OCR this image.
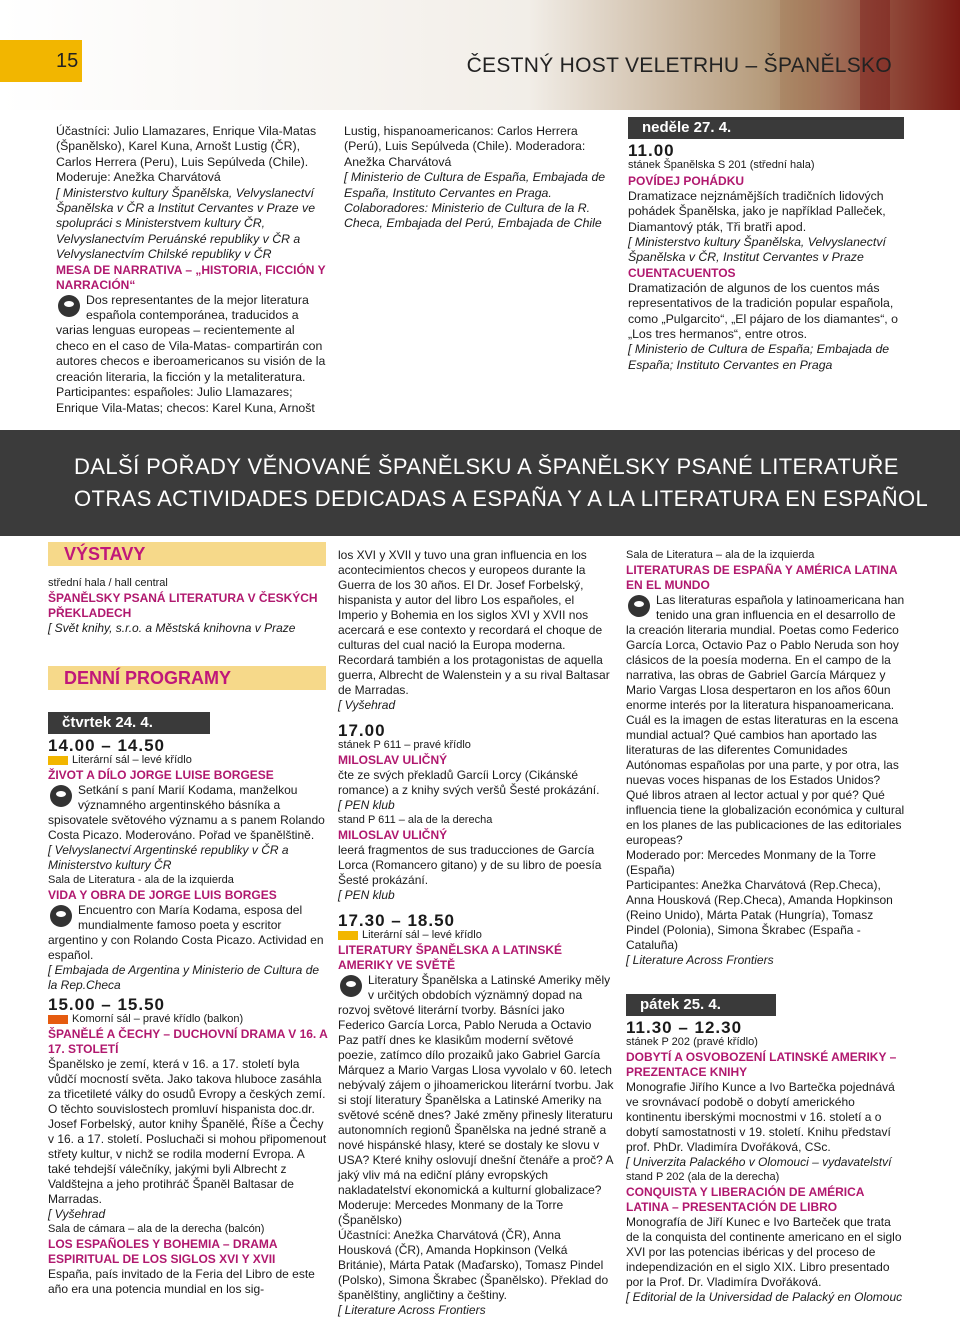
15	ČESTNÝ HOST VELETRHU – ŠPANĚLSKO

Účastníci: Julio Llamazares, Enrique Vila-Matas (Španělsko), Karel Kuna, Arnošt Lustig (ČR), Carlos Herrera (Peru), Luis Sepúlveda (Chile).

Moderuje: Anežka Charvátová

[ Ministerstvo kultury Španělska, Velvyslanectví Španělska v ČR a Institut Cervantes v Praze ve spolupráci s Ministerstvem kultury ČR, Velvyslanectvím Peruánské republiky v ČR a Velvyslanectvím Chilské republiky v ČR

MESA DE NARRATIVA – „HISTORIA, FICCIÓN Y NARRACIÓN“

Dos representantes de la mejor literatura española contemporánea, traducidos a varias lenguas europeas – recientemente al checo en el caso de Vila-Matas- compartirán con autores checos e iberoamericanos su visión de la creación literaria, la ficción y la metaliteratura.

Participantes: españoles: Julio Llamazares; Enrique Vila-Matas; checos: Karel Kuna, Arnošt

Lustig, hispanoamericanos: Carlos Herrera (Perú), Luis Sepúlveda (Chile). Moderadora: Anežka Charvátová

[ Ministerio de Cultura de España, Embajada de España, Instituto Cervantes en Praga. Colaboradores: Ministerio de Cultura de la R. Checa, Embajada del Perú, Embajada de Chile

neděle 27. 4.
11.00

stánek Španělska S 201 (střední hala)

POVÍDEJ POHÁDKU

Dramatizace nejznámějších tradičních lidových pohádek Španělska, jako je například Palleček, Diamantový pták, Tři bratři apod.

[ Ministerstvo kultury Španělska, Velvyslanectví Španělska v ČR, Institut Cervantes v Praze

CUENTACUENTOS

Dramatización de algunos de los cuentos más representativos de la tradición popular española, como „Pulgarcito“, „El pájaro de los diamantes“, o „Los tres hermanos“, entre otros.

[ Ministerio de Cultura de España; Embajada de España; Instituto Cervantes en Praga

DALŠÍ POŘADY VĚNOVANÉ ŠPANĚLSKU A ŠPANĚLSKY PSANÉ LITERATUŘE
OTRAS ACTIVIDADES DEDICADAS A ESPAÑA Y A LA LITERATURA EN ESPAÑOL
VÝSTAVY

střední hala / hall central

ŠPANĚLSKY PSANÁ LITERATURA V ČESKÝCH PŘEKLADECH

[ Svět knihy, s.r.o. a Městská knihovna v Praze

DENNÍ PROGRAMY
čtvrtek 24. 4.
14.00 – 14.50

Literární sál – levé křídlo

ŽIVOT A DÍLO JORGE LUISE BORGESE

Setkání s paní Marií Kodama, manželkou významného argentinského básníka a spisovatele světového významu a s panem Rolando Costa Picazo. Moderováno. Pořad ve španělštině.

[ Velvyslanectví Argentinské republiky v ČR a Ministerstvo kultury ČR

Sala de Literatura - ala de la izquierda

VIDA Y OBRA DE JORGE LUIS BORGES

Encuentro con María Kodama, esposa del mundialmente famoso poeta y escritor argentino y con Rolando Costa Picazo. Actividad en español.

[ Embajada de Argentina y Ministerio de Cultura de la Rep.Checa

15.00 – 15.50

Komorní sál – pravé křídlo (balkon)

ŠPANĚLÉ A ČECHY – DUCHOVNÍ DRAMA V 16. A 17. STOLETÍ

Španělsko je zemí, která v 16. a 17. století byla vůdčí mocností světa. Jako takova hluboce zasáhla za třicetileté války do osudů Evropy a českých zemí. O těchto souvislostech promluví hispanista doc.dr. Josef Forbelský, autor knihy Španělé, Říše a Čechy v 16. a 17. století. Posluchači si mohou připomenout střety kultur, v nichž se rodila moderní Evropa. A také tehdejší válečníky, jakými byli Albrecht z Valdštejna a jeho protihráč Španěl Baltasar de Marradas.

[ Vyšehrad

Sala de cámara – ala de la derecha (balcón)

LOS ESPAÑOLES Y BOHEMIA – DRAMA ESPIRITUAL DE LOS SIGLOS XVI Y XVII

España, país invitado de la Feria del Libro de este año era una potencia mundial en los sig-

los XVI y XVII y tuvo una gran influencia en los acontecimientos checos y europeos durante la Guerra de los 30 años. El Dr. Josef Forbelský, hispanista y autor del libro Los españoles, el Imperio y Bohemia en los siglos XVI y XVII nos acercará e ese contexto y recordará el choque de culturas del cual nació la Europa moderna. Recordará también a los protagonistas de aquella guerra, Albrecht de Walenstein y a su rival Baltasar de Marradas.

[ Vyšehrad

17.00

stánek P 611 – pravé křídlo

MILOSLAV ULIČNÝ

čte ze svých překladů Garcíi Lorcy (Cikánské romance) a z knihy svých veršů Šesté prokázání.

[ PEN klub

stand P 611 – ala de la derecha

MILOSLAV ULIČNÝ

leerá fragmentos de sus traducciones de García Lorca (Romancero gitano) y de su libro de poesía Šesté prokázání.

[ PEN klub

17.30 – 18.50

Literární sál – levé křídlo

LITERATURY ŠPANĚLSKA A LATINSKÉ AMERIKY VE SVĚTĚ

Literatury Španělska a Latinské Ameriky měly v určitých obdobích význämný dopad na rozvoj světové literární tvorby. Básníci jako Federico García Lorca, Pablo Neruda a Octavio Paz patří dnes ke klasikům moderní světové poezie, zatímco dílo prozaiků jako Gabriel García Márquez a Mario Vargas Llosa vyvolalo v 60. letech nebývalý zájem o jihoamerickou literární tvorbu. Jak si stojí literatury Španělska a Latinské Ameriky na světové scéně dnes? Jaké změny přinesly literaturu autonomních regionů Španělska na jedné straně a nové hispánské hlasy, které se dostaly ke slovu v USA? Které knihy oslovují dnešní čtenáře a proč? A jaký vliv má na ediční plány evropských nakladatelství ekonomická a kulturní globalizace? Moderuje: Mercedes Monmany de la Torre (Španělsko)

Účastníci: Anežka Charvátová (ČR), Anna Housková (ČR), Amanda Hopkinson (Velká Británie), Márta Patak (Maďarsko), Tomasz Pindel (Polsko), Simona Škrabec (Španělsko). Překlad do španělštiny, angličtiny a češtiny.

[ Literature Across Frontiers

Sala de Literatura – ala de la izquierda

LITERATURAS DE ESPAÑA Y AMÉRICA LATINA EN EL MUNDO

Las literaturas española y latinoamericana han tenido una gran influencia en el desarrollo de la creación literaria mundial. Poetas como Federico García Lorca, Octavio Paz o Pablo Neruda son hoy clásicos de la poesía moderna. En el campo de la narrativa, las obras de Gabriel García Márquez y Mario Vargas Llosa despertaron en los años 60un enorme interés por la literatura hispanoamericana. Cuál es la imagen de estas literaturas en la escena mundial actual? Qué cambios han aportado las literaturas de las diferentes Comunidades Autónomas españolas por una parte, y por otra, las nuevas voces hispanas de los Estados Unidos? Qué libros atraen al lector actual y por qué? Qué influencia tiene la globalización económica y cultural en los planes de las publicaciones de las editoriales europeas?

Moderado por: Mercedes Monmany de la Torre (España)

Participantes: Anežka Charvátová (Rep.Checa), Anna Housková (Rep.Checa), Amanda Hopkinson (Reino Unido), Márta Patak (Hungría), Tomasz Pindel (Polonia), Simona Škrabec (España - Cataluña)

[ Literature Across Frontiers

pátek 25. 4.
11.30 – 12.30

stánek P 202 (pravé křídlo)

DOBYTÍ A OSVOBOZENÍ LATINSKÉ AMERIKY – PREZENTACE KNIHY

Monografie Jiřího Kunce a Ivo Bartečka pojednává ve srovnávací podobě o dobytí amerického kontinentu iberskými mocnostmi v 16. století a o dobytí samostatnosti v 19. století. Knihu představí prof. PhDr. Vladimíra Dvořáková, CSc.

[ Univerzita Palackého v Olomouci – vydavatelství

stand P 202 (ala de la derecha)

CONQUISTA Y LIBERACIÓN DE AMÉRICA LATINA – PRESENTACIÓN DE LIBRO

Monografía de Jiří Kunec e Ivo Barteček que trata de la conquista del continente americano en el siglo XVI por las potencias ibéricas y del proceso de independización en el siglo XIX. Libro presentado por la Prof. Dr. Vladimíra Dvořáková.

[ Editorial de la Universidad de Palacký en Olomouc
